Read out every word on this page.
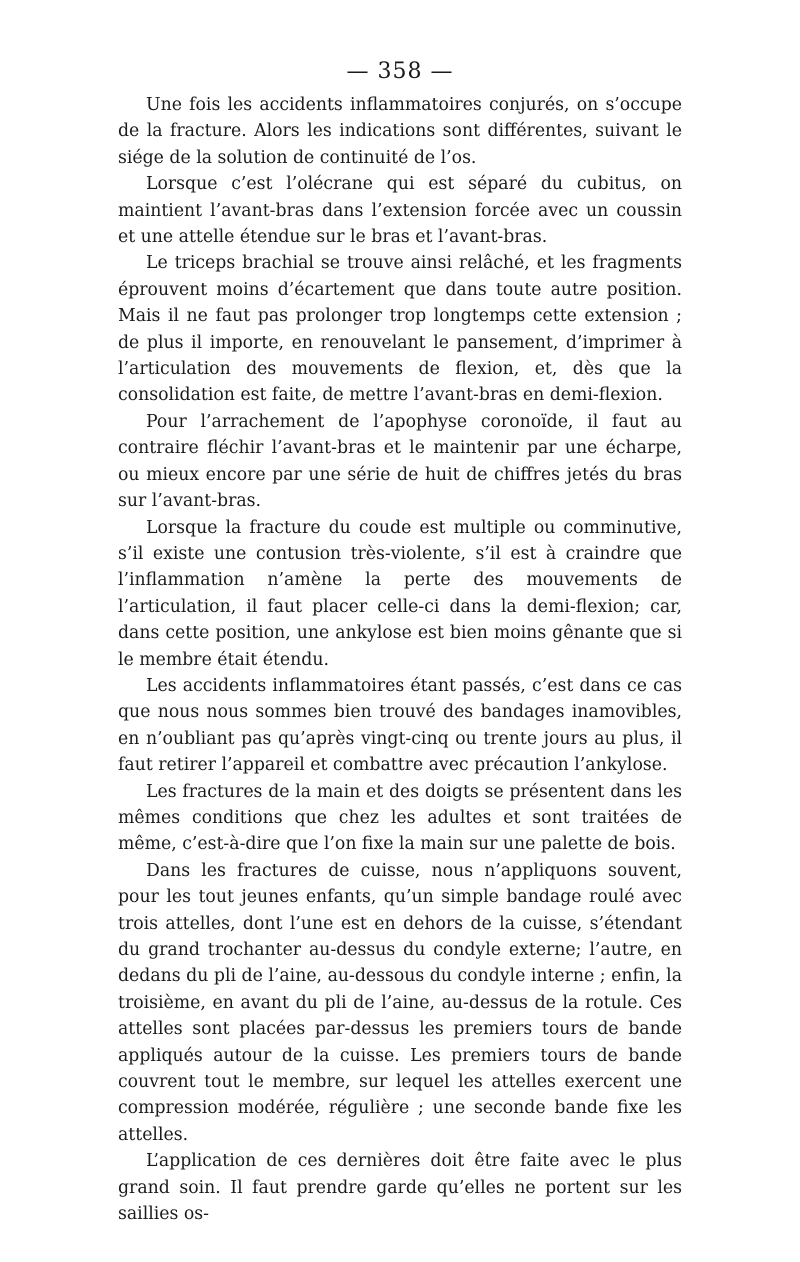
— 358 —

Une fois les accidents inflammatoires conjurés, on s’occupe de la fracture. Alors les indications sont différentes, suivant le siége de la solution de continuité de l’os.

Lorsque c’est l’olécrane qui est séparé du cubitus, on maintient l’avant-bras dans l’extension forcée avec un coussin et une attelle étendue sur le bras et l’avant-bras.

Le triceps brachial se trouve ainsi relâché, et les fragments éprouvent moins d’écartement que dans toute autre position. Mais il ne faut pas prolonger trop longtemps cette extension ; de plus il importe, en renouvelant le pansement, d’imprimer à l’articulation des mouvements de flexion, et, dès que la consolidation est faite, de mettre l’avant-bras en demi-flexion.

Pour l’arrachement de l’apophyse coronoïde, il faut au contraire fléchir l’avant-bras et le maintenir par une écharpe, ou mieux encore par une série de huit de chiffres jetés du bras sur l’avant-bras.

Lorsque la fracture du coude est multiple ou comminutive, s’il existe une contusion très-violente, s’il est à craindre que l’inflammation n’amène la perte des mouvements de l’articulation, il faut placer celle-ci dans la demi-flexion; car, dans cette position, une ankylose est bien moins gênante que si le membre était étendu.

Les accidents inflammatoires étant passés, c’est dans ce cas que nous nous sommes bien trouvé des bandages inamovibles, en n’oubliant pas qu’après vingt-cinq ou trente jours au plus, il faut retirer l’appareil et combattre avec précaution l’ankylose.

Les fractures de la main et des doigts se présentent dans les mêmes conditions que chez les adultes et sont traitées de même, c’est-à-dire que l’on fixe la main sur une palette de bois.

Dans les fractures de cuisse, nous n’appliquons souvent, pour les tout jeunes enfants, qu’un simple bandage roulé avec trois attelles, dont l’une est en dehors de la cuisse, s’étendant du grand trochanter au-dessus du condyle externe; l’autre, en dedans du pli de l’aine, au-dessous du condyle interne ; enfin, la troisième, en avant du pli de l’aine, au-dessus de la rotule. Ces attelles sont placées par-dessus les premiers tours de bande appliqués autour de la cuisse. Les premiers tours de bande couvrent tout le membre, sur lequel les attelles exercent une compression modérée, régulière ; une seconde bande fixe les attelles.

L’application de ces dernières doit être faite avec le plus grand soin. Il faut prendre garde qu’elles ne portent sur les saillies os-
